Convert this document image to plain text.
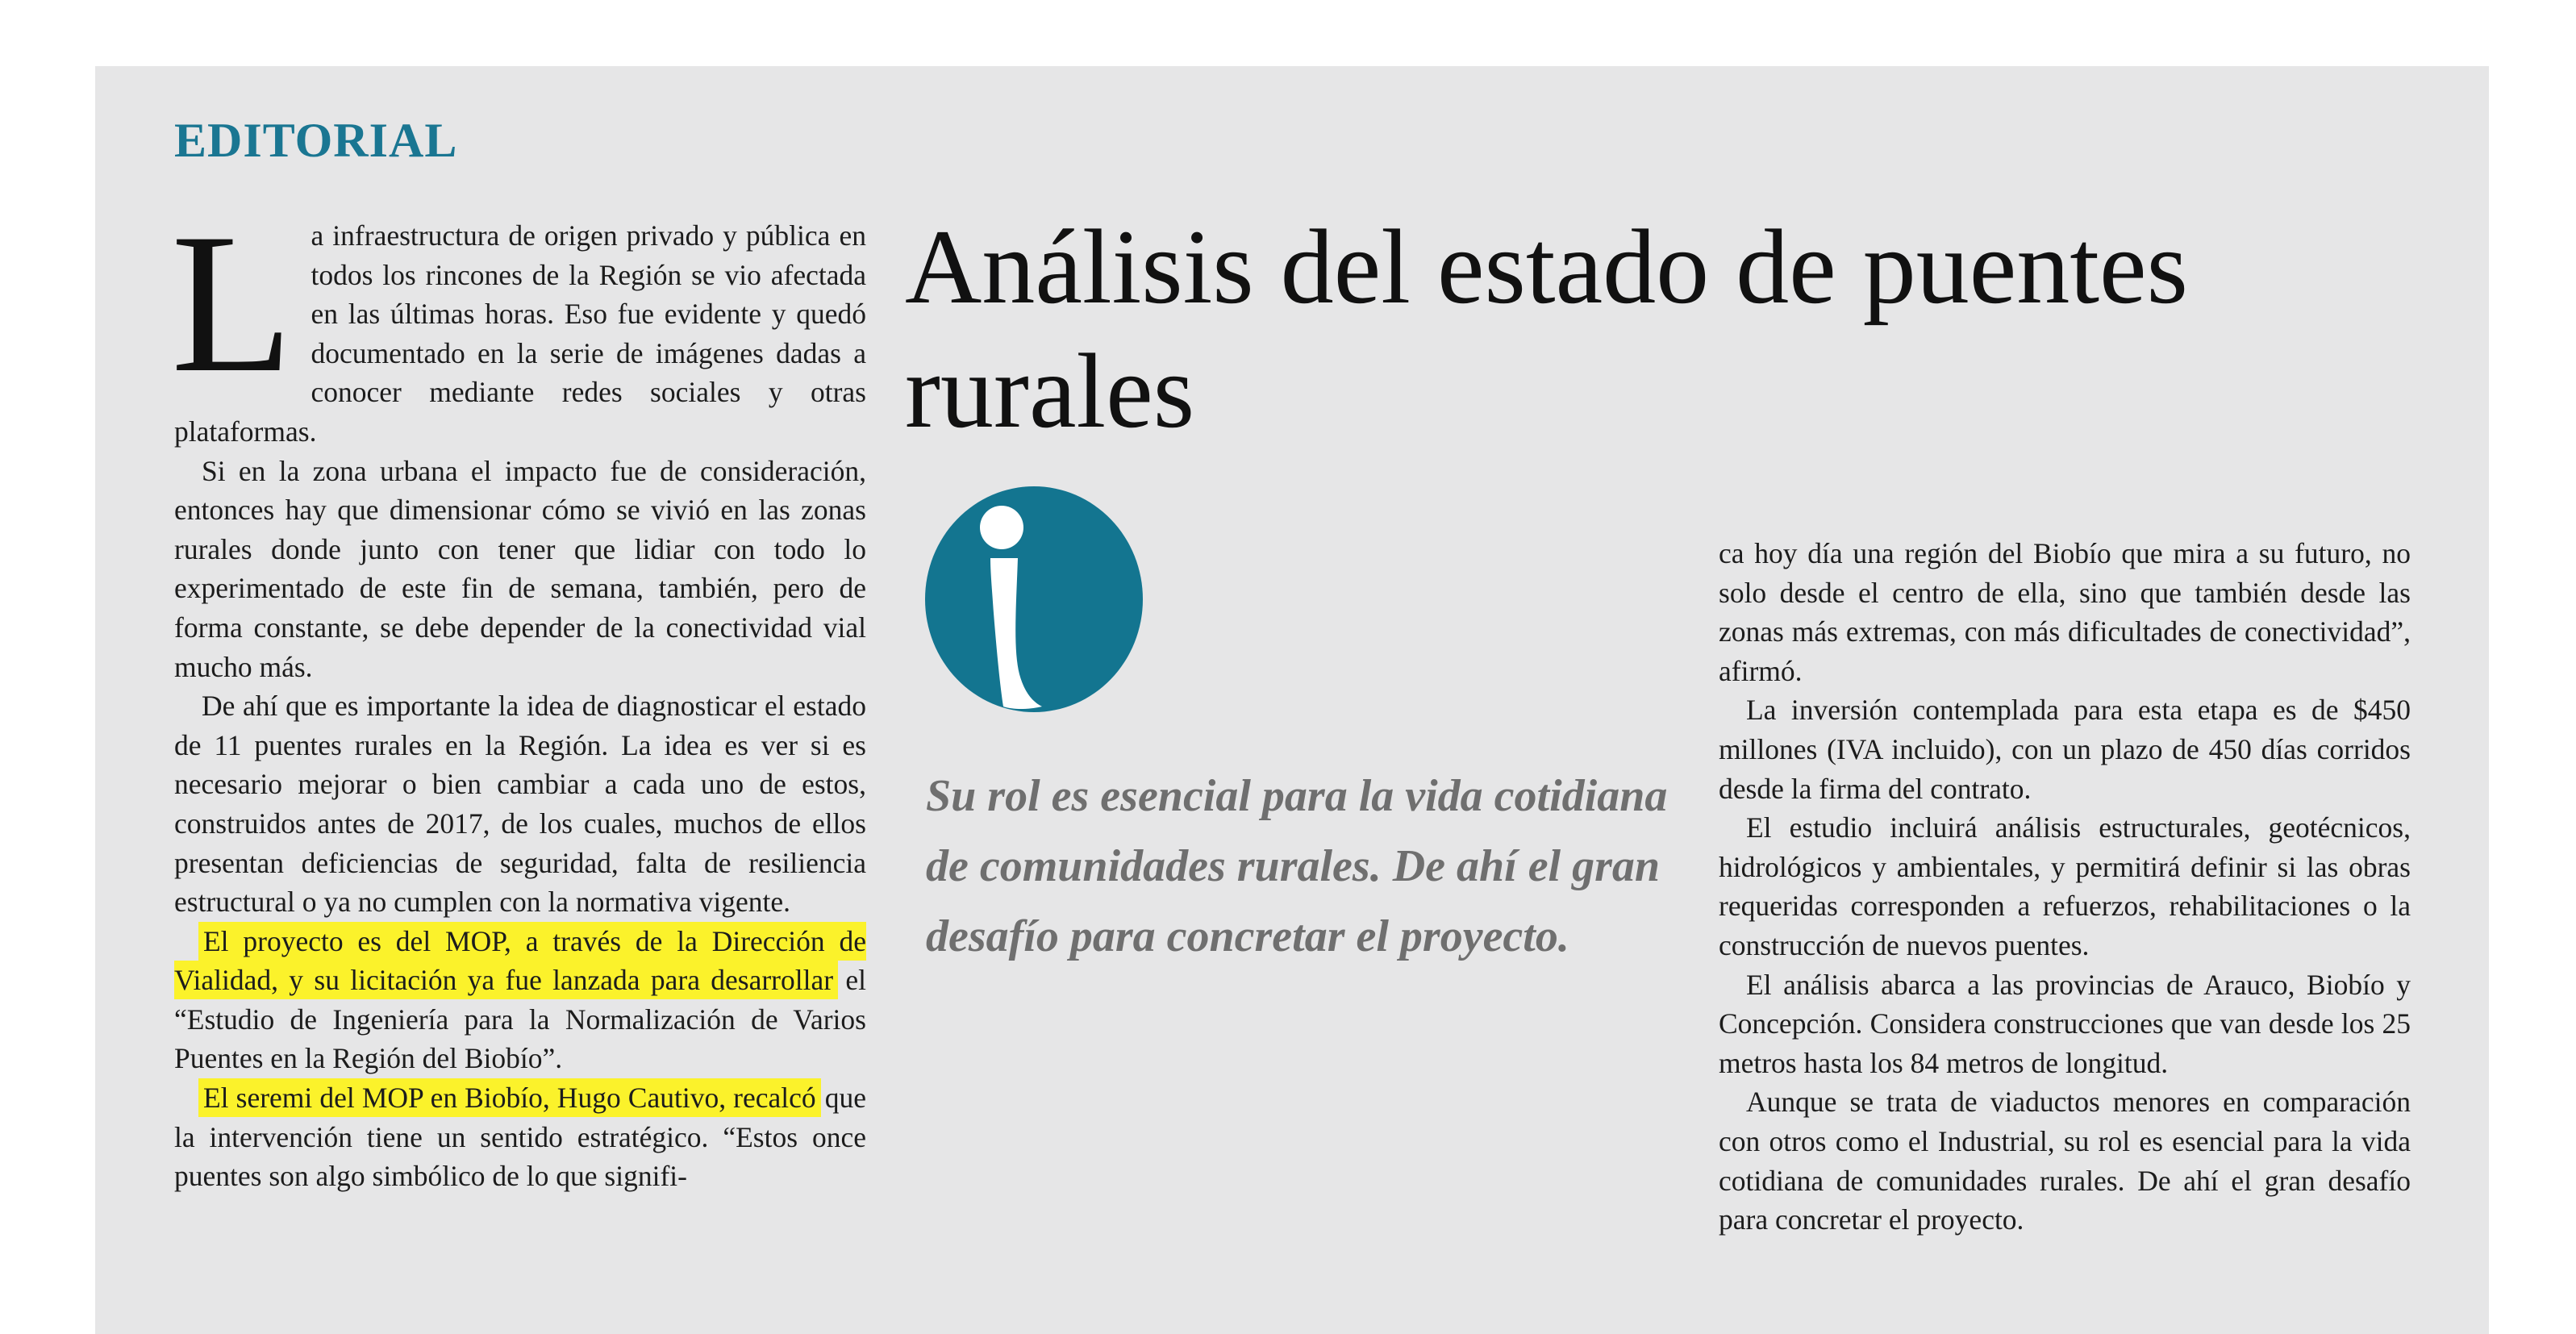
EDITORIAL

La infraestructura de origen privado y pública en todos los rincones de la Región se vio afectada en las últimas horas. Eso fue evidente y quedó documentado en la serie de imágenes dadas a conocer mediante redes sociales y otras plataformas.

Si en la zona urbana el impacto fue de consideración, entonces hay que dimensionar cómo se vivió en las zonas rurales donde junto con tener que lidiar con todo lo experimentado de este fin de semana, también, pero de forma constante, se debe depender de la conectividad vial mucho más.

De ahí que es importante la idea de diagnosticar el estado de 11 puentes rurales en la Región. La idea es ver si es necesario mejorar o bien cambiar a cada uno de estos, construidos antes de 2017, de los cuales, muchos de ellos presentan deficiencias de seguridad, falta de resiliencia estructural o ya no cumplen con la normativa vigente.

El proyecto es del MOP, a través de la Dirección de Vialidad, y su licitación ya fue lanzada para desarrollar el “Estudio de Ingeniería para la Normalización de Varios Puentes en la Región del Biobío”.

El seremi del MOP en Biobío, Hugo Cautivo, recalcó que la intervención tiene un sentido estratégico. “Estos once puentes son algo simbólico de lo que signifi-

Análisis del estado de puentes rurales

Su rol es esencial para la vida cotidiana de comunidades rurales. De ahí el gran desafío para concretar el proyecto.

ca hoy día una región del Biobío que mira a su futuro, no solo desde el centro de ella, sino que también desde las zonas más extremas, con más dificultades de conectividad”, afirmó.

La inversión contemplada para esta etapa es de $450 millones (IVA incluido), con un plazo de 450 días corridos desde la firma del contrato.

El estudio incluirá análisis estructurales, geotécnicos, hidrológicos y ambientales, y permitirá definir si las obras requeridas corresponden a refuerzos, rehabilitaciones o la construcción de nuevos puentes.

El análisis abarca a las provincias de Arauco, Biobío y Concepción. Considera construcciones que van desde los 25 metros hasta los 84 metros de longitud.

Aunque se trata de viaductos menores en comparación con otros como el Industrial, su rol es esencial para la vida cotidiana de comunidades rurales. De ahí el gran desafío para concretar el proyecto.
